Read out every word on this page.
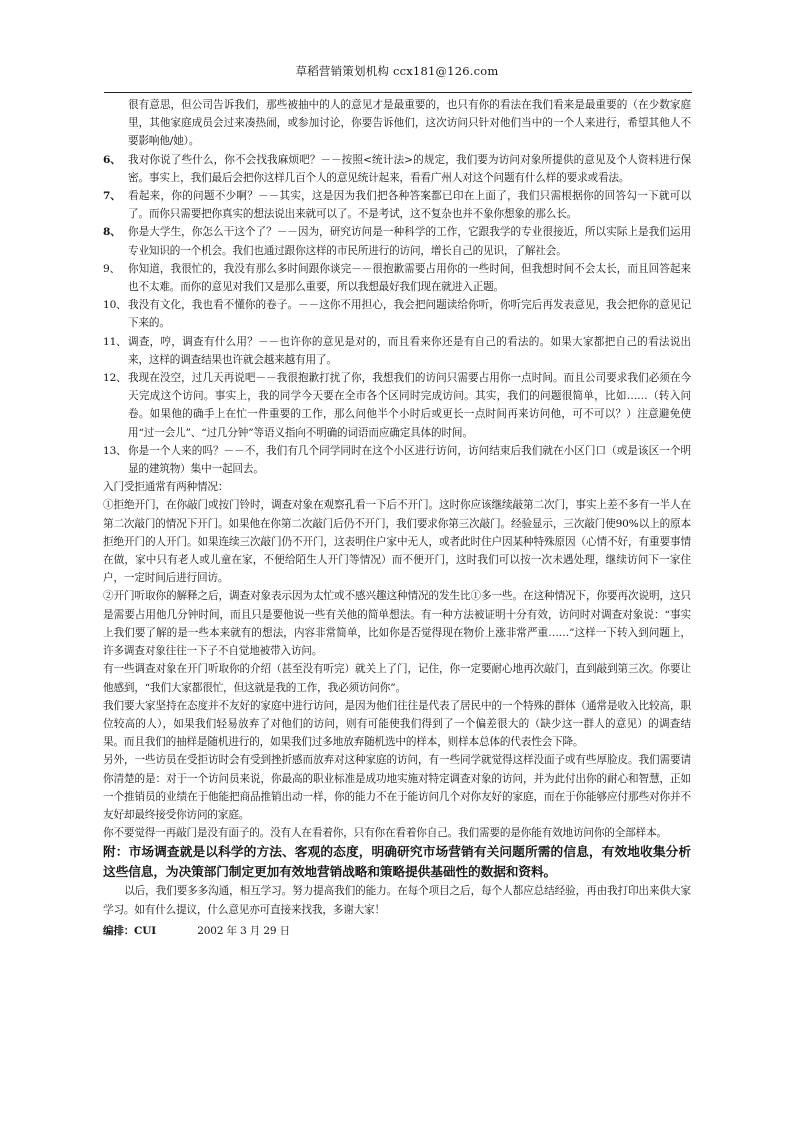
草稻营销策划机构 ccx181@126.com

很有意思，但公司告诉我们，那些被抽中的人的意见才是最重要的，也只有你的看法在我们看来是最重要的（在少数家庭里，其他家庭成员会过来凑热闹，或参加讨论，你要告诉他们，这次访问只针对他们当中的一个人来进行，希望其他人不要影响他/她）。

6、 我对你说了些什么，你不会找我麻烦吧？－－按照<统计法>的规定，我们要为访问对象所提供的意见及个人资料进行保密。事实上，我们最后会把你这样几百个人的意见统计起来，看看广州人对这个问题有什么样的要求或看法。

7、 看起来，你的问题不少啊？－－其实，这是因为我们把各种答案都已印在上面了，我们只需根据你的回答勾一下就可以了。而你只需要把你真实的想法说出来就可以了。不是考试，这不复杂也并不象你想象的那么长。

8、 你是大学生，你怎么干这个了？－－因为，研究访问是一种科学的工作，它跟我学的专业很接近，所以实际上是我们运用专业知识的一个机会。我们也通过跟你这样的市民所进行的访问，增长自己的见识，了解社会。

9、 你知道，我很忙的，我没有那么多时间跟你谈完－－很抱歉需要占用你的一些时间，但我想时间不会太长，而且回答起来也不太难。而你的意见对我们又是那么重要，所以我想最好我们现在就进入正题。

10、 我没有文化，我也看不懂你的卷子。－－这你不用担心，我会把问题读给你听，你听完后再发表意见，我会把你的意见记下来的。

11、 调查，哼，调查有什么用？－－也许你的意见是对的，而且看来你还是有自己的看法的。如果大家都把自己的看法说出来，这样的调查结果也许就会越来越有用了。

12、 我现在没空，过几天再说吧－－我很抱歉打扰了你，我想我们的访问只需要占用你一点时间。而且公司要求我们必须在今天完成这个访问。事实上，我的同学今天要在全市各个区同时完成访问。其实，我们的问题很简单，比如……（转入问卷。如果他的确手上在忙一件重要的工作，那么问他半个小时后或更长一点时间再来访问他，可不可以？）注意避免使用“过一会儿”、“过几分钟”等语义指向不明确的词语而应确定具体的时间。

13、 你是一个人来的吗？－－不，我们有几个同学同时在这个小区进行访问，访问结束后我们就在小区门口（或是该区一个明显的建筑物）集中一起回去。

入门受拒通常有两种情况：

①拒绝开门，在你敲门或按门铃时，调查对象在观察孔看一下后不开门。这时你应该继续敲第二次门，事实上差不多有一半人在第二次敲门的情况下开门。如果他在你第二次敲门后仍不开门，我们要求你第三次敲门。经验显示，三次敲门使90%以上的原本拒绝开门的人开门。如果连续三次敲门仍不开门，这表明住户家中无人，或者此时住户因某种特殊原因（心情不好，有重要事情在做，家中只有老人或儿童在家，不便给陌生人开门等情况）而不便开门，这时我们可以按一次未遇处理，继续访问下一家住户，一定时间后进行回访。

②开门听取你的解释之后，调查对象表示因为太忙或不感兴趣这种情况的发生比①多一些。在这种情况下，你要再次说明，这只是需要占用他几分钟时间，而且只是要他说一些有关他的简单想法。有一种方法被证明十分有效，访问时对调查对象说：“事实上我们要了解的是一些本来就有的想法，内容非常简单，比如你是否觉得现在物价上涨非常严重……”这样一下转入到问题上，许多调查对象往往一下子不自觉地被带入访问。

有一些调查对象在开门听取你的介绍（甚至没有听完）就关上了门，记住，你一定要耐心地再次敲门，直到敲到第三次。你要让他感到，“我们大家都很忙，但这就是我的工作，我必须访问你”。

我们要大家坚持在态度并不友好的家庭中进行访问，是因为他们往往是代表了居民中的一个特殊的群体（通常是收入比较高，职位较高的人），如果我们轻易放弃了对他们的访问，则有可能使我们得到了一个偏差很大的（缺少这一群人的意见）的调查结果。而且我们的抽样是随机进行的，如果我们过多地放弃随机选中的样本，则样本总体的代表性会下降。

另外，一些访员在受拒访时会有受到挫折感而放弃对这种家庭的访问，有一些同学就觉得这样没面子或有些厚脸皮。我们需要请你清楚的是：对于一个访问员来说，你最高的职业标准是成功地实施对特定调查对象的访问，并为此付出你的耐心和智慧，正如一个推销员的业绩在于他能把商品推销出动一样，你的能力不在于能访问几个对你友好的家庭，而在于你能够应付那些对你并不友好却最终接受你访问的家庭。

你不要觉得一再敲门是没有面子的。没有人在看着你，只有你在看着你自己。我们需要的是你能有效地访问你的全部样本。

附：市场调查就是以科学的方法、客观的态度，明确研究市场营销有关问题所需的信息，有效地收集分析这些信息，为决策部门制定更加有效地营销战略和策略提供基础性的数据和资料。

以后，我们要多多沟通，相互学习。努力提高我们的能力。在每个项目之后，每个人都应总结经验，再由我打印出来供大家学习。如有什么提议，什么意见亦可直接来找我，多谢大家！

编排：CUI	2002 年 3 月 29 日
